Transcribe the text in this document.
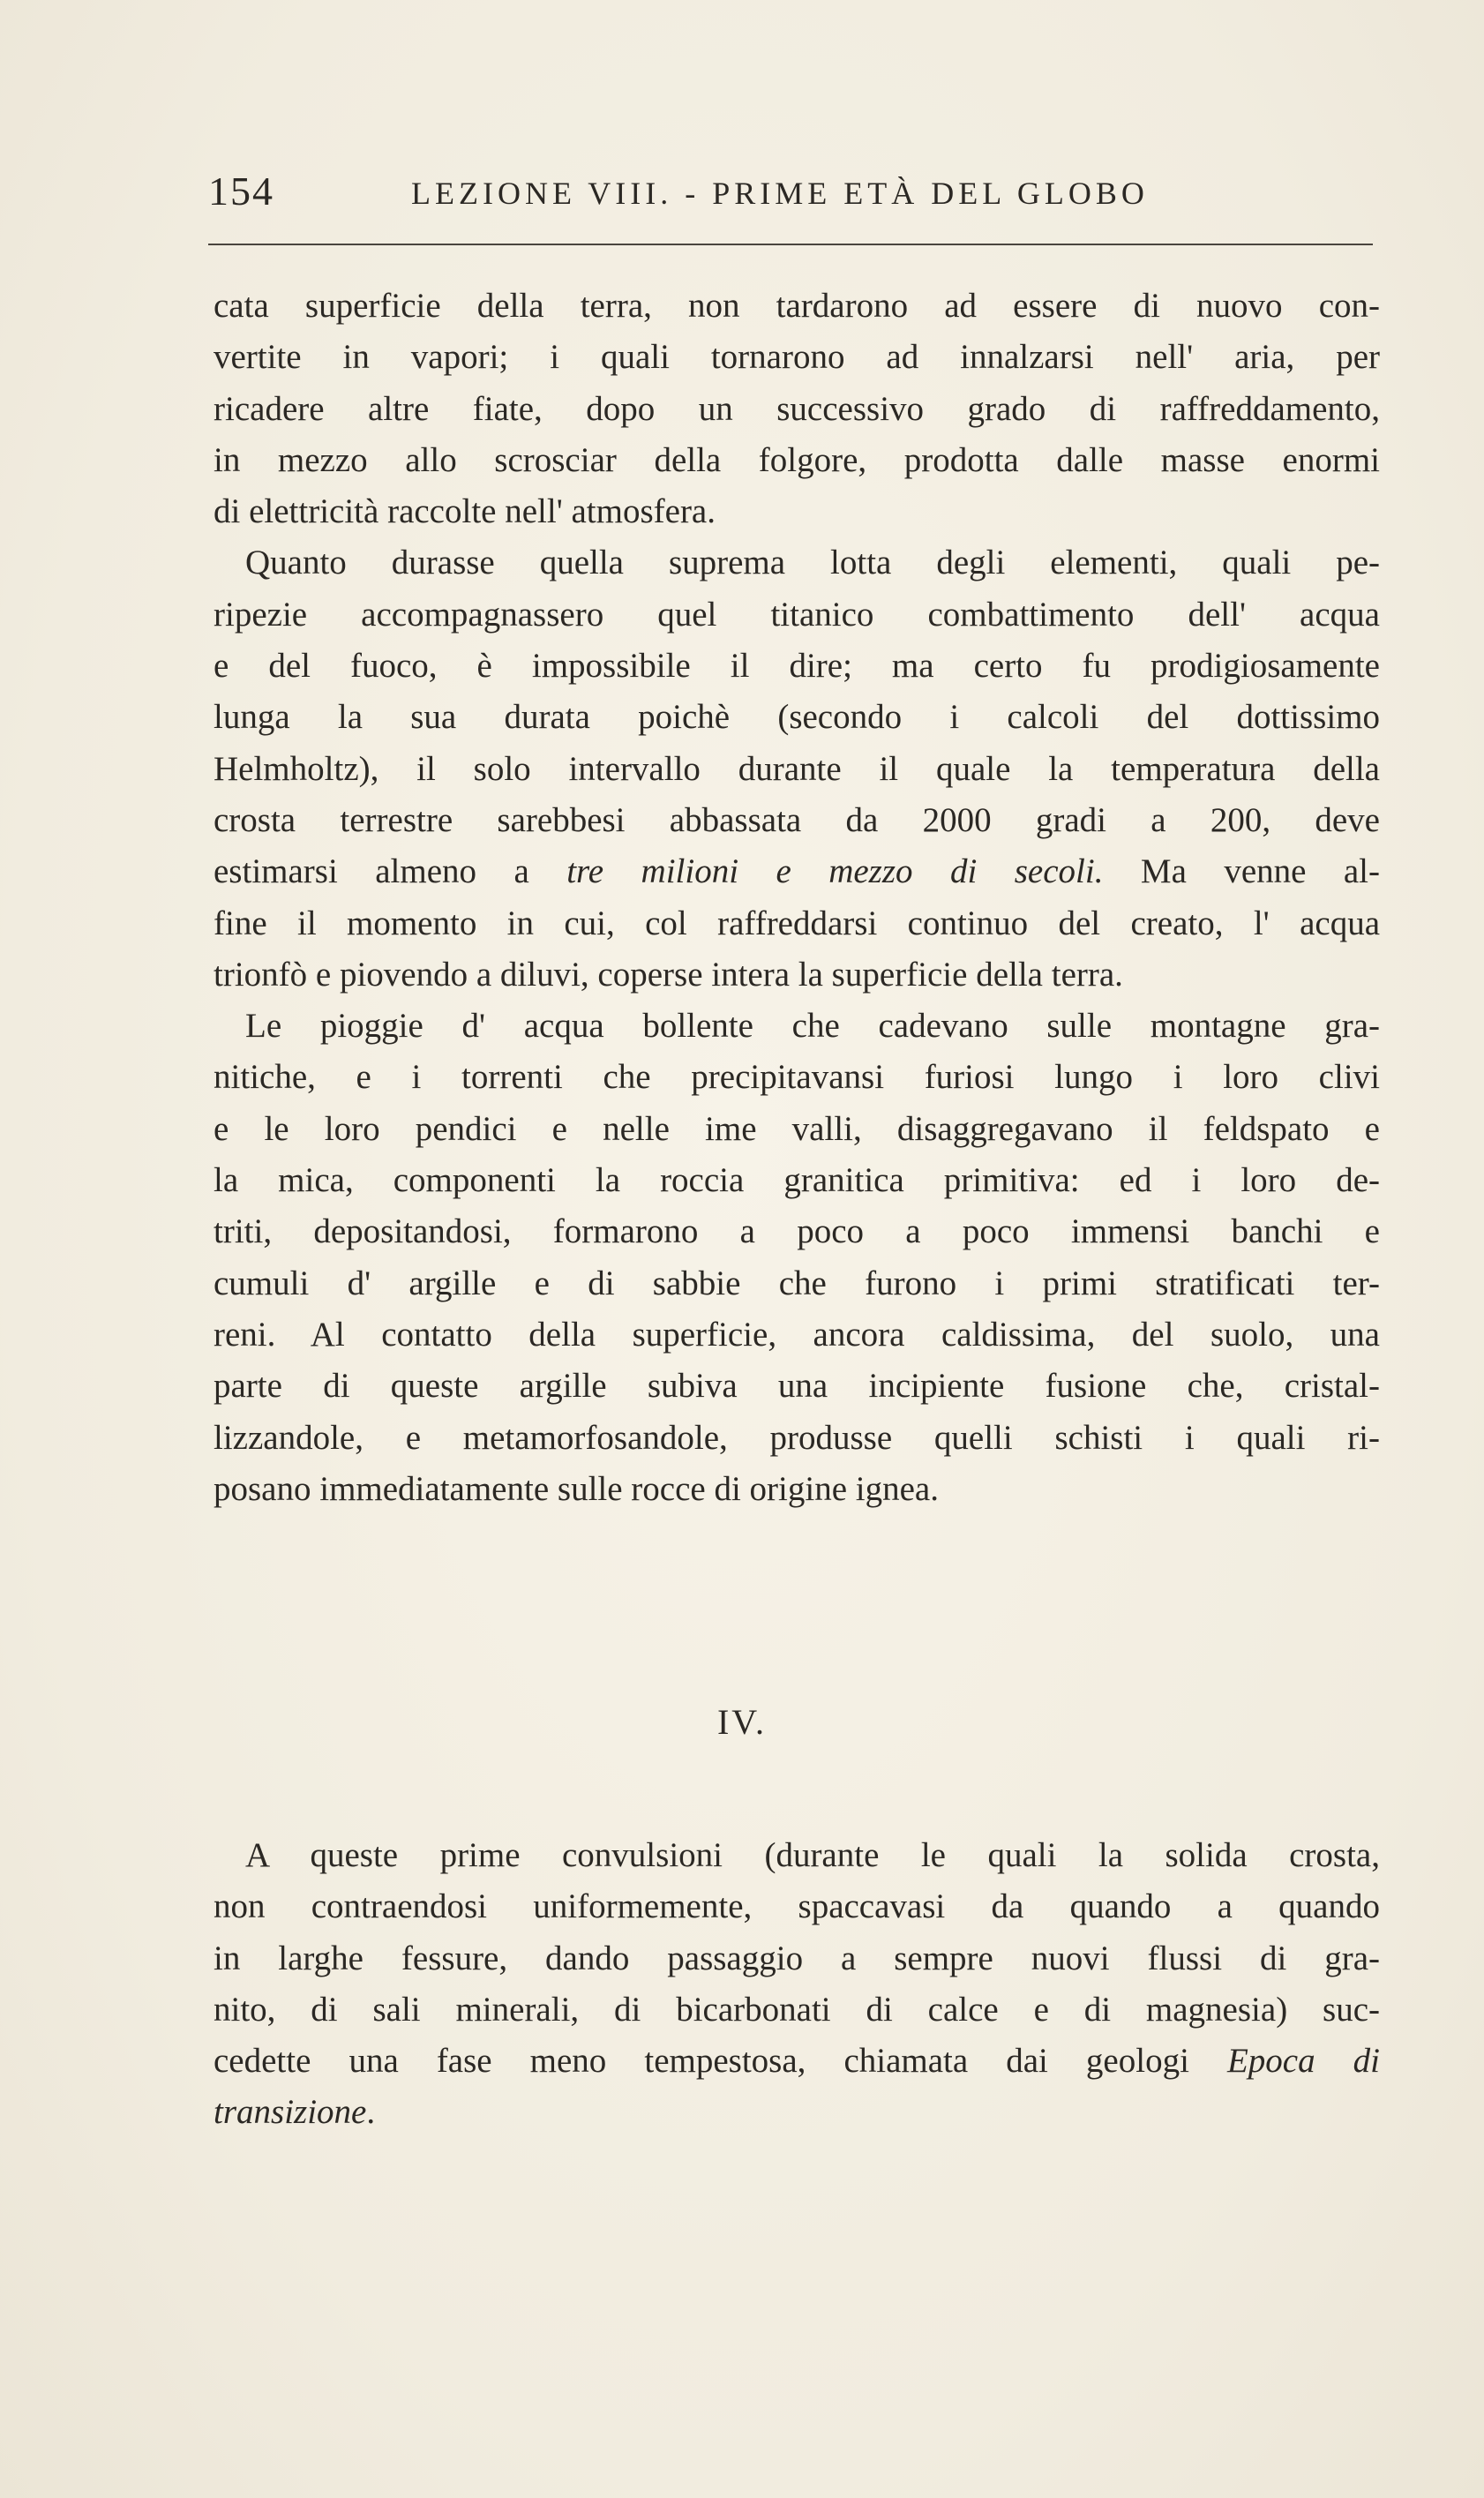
154	LEZIONE VIII. - PRIME ETÀ DEL GLOBO
cata superficie della terra, non tardarono ad essere di nuovo con-
vertite in vapori; i quali tornarono ad innalzarsi nell' aria, per
ricadere altre fiate, dopo un successivo grado di raffreddamento,
in mezzo allo scrosciar della folgore, prodotta dalle masse enormi
di elettricità raccolte nell' atmosfera.
Quanto durasse quella suprema lotta degli elementi, quali pe-
ripezie accompagnassero quel titanico combattimento dell' acqua
e del fuoco, è impossibile il dire; ma certo fu prodigiosamente
lunga la sua durata poichè (secondo i calcoli del dottissimo
Helmholtz), il solo intervallo durante il quale la temperatura della
crosta terrestre sarebbesi abbassata da 2000 gradi a 200, deve
estimarsi almeno a tre milioni e mezzo di secoli. Ma venne al-
fine il momento in cui, col raffreddarsi continuo del creato, l' acqua
trionfò e piovendo a diluvi, coperse intera la superficie della terra.
Le pioggie d' acqua bollente che cadevano sulle montagne gra-
nitiche, e i torrenti che precipitavansi furiosi lungo i loro clivi
e le loro pendici e nelle ime valli, disaggregavano il feldspato e
la mica, componenti la roccia granitica primitiva: ed i loro de-
triti, depositandosi, formarono a poco a poco immensi banchi e
cumuli d' argille e di sabbie che furono i primi stratificati ter-
reni. Al contatto della superficie, ancora caldissima, del suolo, una
parte di queste argille subiva una incipiente fusione che, cristal-
lizzandole, e metamorfosandole, produsse quelli schisti i quali ri-
posano immediatamente sulle rocce di origine ignea.
IV.
A queste prime convulsioni (durante le quali la solida crosta,
non contraendosi uniformemente, spaccavasi da quando a quando
in larghe fessure, dando passaggio a sempre nuovi flussi di gra-
nito, di sali minerali, di bicarbonati di calce e di magnesia) suc-
cedette una fase meno tempestosa, chiamata dai geologi Epoca di
transizione.
